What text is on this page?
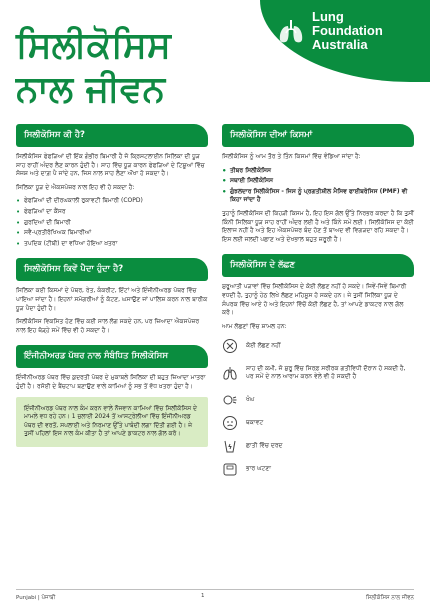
ਸਿਲੀਕੋਸਿਸ
ਨਾਲ ਜੀਵਨ
Lung
Foundation
Australia
ਸਿਲੀਕੋਸਿਸ ਕੀ ਹੈ?

ਸਿਲੀਕੋਸਿਸ ਫੇਫੜਿਆਂ ਦੀ ਇੱਕ ਗੰਭੀਰ ਬਿਮਾਰੀ ਹੈ ਜੋ ਕ੍ਰਿਸਟਲਾਈਨ ਸਿਲਿਕਾ ਦੀ ਧੂੜ ਸਾਹ ਰਾਹੀਂ ਅੰਦਰ ਲੈਣ ਕਾਰਨ ਹੁੰਦੀ ਹੈ। ਸਾਹ ਵਿੱਚ ਧੂੜ ਕਾਰਨ ਫੇਫੜਿਆਂ ਦੇ ਟਿਸ਼ੂਆਂ ਵਿੱਚ ਸੋਜਸ਼ ਅਤੇ ਦਾਗ਼ ਪੈ ਜਾਂਦੇ ਹਨ, ਜਿਸ ਨਾਲ ਸਾਹ ਲੈਣਾ ਔਖਾ ਹੋ ਸਕਦਾ ਹੈ।

ਸਿਲਿਕਾ ਧੂੜ ਦੇ ਐਕਸਪੋਜ਼ਰ ਨਾਲ ਇਹ ਵੀ ਹੋ ਸਕਦਾ ਹੈ:

• ਫੇਫੜਿਆਂ ਦੀ ਦੀਰਘਕਾਲੀ ਰੁਕਾਵਟੀ ਬਿਮਾਰੀ (COPD)
• ਫੇਫੜਿਆਂ ਦਾ ਕੈਂਸਰ
• ਗੁਰਦਿਆਂ ਦੀ ਬਿਮਾਰੀ
• ਸਵੈ-ਪ੍ਰਤੀਰੱਖਿਅਕ ਬਿਮਾਰੀਆਂ
• ਤਪਦਿਕ (ਟੀਬੀ) ਦਾ ਵਧਿਆ ਹੋਇਆ ਖ਼ਤਰਾ
ਸਿਲੀਕੋਸਿਸ ਕਿਵੇਂ ਪੈਦਾ ਹੁੰਦਾ ਹੈ?

ਸਿਲਿਕਾ ਕਈ ਕਿਸਮਾਂ ਦੇ ਪੱਥਰ, ਰੇਤ, ਕੰਕਰੀਟ, ਇੱਟਾਂ ਅਤੇ ਇੰਜੀਨੀਅਰਡ ਪੱਥਰ ਵਿੱਚ ਪਾਇਆ ਜਾਂਦਾ ਹੈ। ਇਹਨਾਂ ਸਮੱਗਰੀਆਂ ਨੂੰ ਕੱਟਣ, ਘਸਾਉਣ ਜਾਂ ਪਾਲਿਸ਼ ਕਰਨ ਨਾਲ ਬਾਰੀਕ ਧੂੜ ਪੈਦਾ ਹੁੰਦੀ ਹੈ।

ਸਿਲੀਕੋਸਿਸ ਵਿਕਸਿਤ ਹੋਣ ਵਿੱਚ ਕਈ ਸਾਲ ਲੱਗ ਸਕਦੇ ਹਨ, ਪਰ ਜ਼ਿਆਦਾ ਐਕਸਪੋਜ਼ਰ ਨਾਲ ਇਹ ਥੋੜ੍ਹੇ ਸਮੇਂ ਵਿੱਚ ਵੀ ਹੋ ਸਕਦਾ ਹੈ।

ਇੰਜੀਨੀਅਰਡ ਪੱਥਰ ਨਾਲ ਸੰਬੰਧਿਤ ਸਿਲੀਕੋਸਿਸ

ਇੰਜੀਨੀਅਰਡ ਪੱਥਰ ਵਿੱਚ ਕੁਦਰਤੀ ਪੱਥਰ ਦੇ ਮੁਕਾਬਲੇ ਸਿਲਿਕਾ ਦੀ ਬਹੁਤ ਜ਼ਿਆਦਾ ਮਾਤਰਾ ਹੁੰਦੀ ਹੈ। ਰਸੋਈ ਦੇ ਬੈਂਚਟਾਪ ਬਣਾਉਣ ਵਾਲੇ ਕਾਮਿਆਂ ਨੂੰ ਸਭ ਤੋਂ ਵੱਧ ਖ਼ਤਰਾ ਹੁੰਦਾ ਹੈ।

ਇੰਜੀਨੀਅਰਡ ਪੱਥਰ ਨਾਲ ਕੰਮ ਕਰਨ ਵਾਲੇ ਨੌਜਵਾਨ ਕਾਮਿਆਂ ਵਿੱਚ ਸਿਲੀਕੋਸਿਸ ਦੇ ਮਾਮਲੇ ਵਧ ਰਹੇ ਹਨ। 1 ਜੁਲਾਈ 2024 ਤੋਂ ਆਸਟ੍ਰੇਲੀਆ ਵਿੱਚ ਇੰਜੀਨੀਅਰਡ ਪੱਥਰ ਦੀ ਵਰਤੋਂ, ਸਪਲਾਈ ਅਤੇ ਨਿਰਮਾਣ ਉੱਤੇ ਪਾਬੰਦੀ ਲਗਾ ਦਿੱਤੀ ਗਈ ਹੈ। ਜੇ ਤੁਸੀਂ ਪਹਿਲਾਂ ਇਸ ਨਾਲ ਕੰਮ ਕੀਤਾ ਹੈ ਤਾਂ ਆਪਣੇ ਡਾਕਟਰ ਨਾਲ ਗੱਲ ਕਰੋ।

ਸਿਲੀਕੋਸਿਸ ਦੀਆਂ ਕਿਸਮਾਂ

ਸਿਲੀਕੋਸਿਸ ਨੂੰ ਆਮ ਤੌਰ ਤੇ ਤਿੰਨ ਕਿਸਮਾਂ ਵਿੱਚ ਵੰਡਿਆ ਜਾਂਦਾ ਹੈ:

• ਤੀਬਰ ਸਿਲੀਕੋਸਿਸ
• ਸਥਾਈ ਸਿਲੀਕੋਸਿਸ
• ਗੁੰਝਲਦਾਰ ਸਿਲੀਕੋਸਿਸ - ਜਿਸ ਨੂੰ ਪ੍ਰਗਤੀਸ਼ੀਲ ਮੈਸਿਵ ਫਾਈਬਰੋਸਿਸ (PMF) ਵੀ ਕਿਹਾ ਜਾਂਦਾ ਹੈ

ਤੁਹਾਨੂੰ ਸਿਲੀਕੋਸਿਸ ਦੀ ਕਿਹੜੀ ਕਿਸਮ ਹੈ, ਇਹ ਇਸ ਗੱਲ ਉੱਤੇ ਨਿਰਭਰ ਕਰਦਾ ਹੈ ਕਿ ਤੁਸੀਂ ਕਿੰਨੀ ਸਿਲਿਕਾ ਧੂੜ ਸਾਹ ਰਾਹੀਂ ਅੰਦਰ ਲਈ ਹੈ ਅਤੇ ਕਿੰਨੇ ਸਮੇਂ ਲਈ। ਸਿਲੀਕੋਸਿਸ ਦਾ ਕੋਈ ਇਲਾਜ ਨਹੀਂ ਹੈ ਅਤੇ ਇਹ ਐਕਸਪੋਜ਼ਰ ਬੰਦ ਹੋਣ ਤੋਂ ਬਾਅਦ ਵੀ ਵਿਗੜਦਾ ਰਹਿ ਸਕਦਾ ਹੈ। ਇਸ ਲਈ ਜਲਦੀ ਪਛਾਣ ਅਤੇ ਦੇਖਭਾਲ ਬਹੁਤ ਜ਼ਰੂਰੀ ਹੈ।

ਸਿਲੀਕੋਸਿਸ ਦੇ ਲੱਛਣ

ਸ਼ੁਰੂਆਤੀ ਪੜਾਵਾਂ ਵਿੱਚ ਸਿਲੀਕੋਸਿਸ ਦੇ ਕੋਈ ਲੱਛਣ ਨਹੀਂ ਹੋ ਸਕਦੇ। ਜਿਵੇਂ-ਜਿਵੇਂ ਬਿਮਾਰੀ ਵਧਦੀ ਹੈ, ਤੁਹਾਨੂੰ ਹੇਠ ਲਿਖੇ ਲੱਛਣ ਮਹਿਸੂਸ ਹੋ ਸਕਦੇ ਹਨ। ਜੇ ਤੁਸੀਂ ਸਿਲਿਕਾ ਧੂੜ ਦੇ ਸੰਪਰਕ ਵਿੱਚ ਆਏ ਹੋ ਅਤੇ ਇਹਨਾਂ ਵਿੱਚੋਂ ਕੋਈ ਲੱਛਣ ਹੈ, ਤਾਂ ਆਪਣੇ ਡਾਕਟਰ ਨਾਲ ਗੱਲ ਕਰੋ।

ਆਮ ਲੱਛਣਾਂ ਵਿੱਚ ਸ਼ਾਮਲ ਹਨ:

ਕੋਈ ਲੱਛਣ ਨਹੀਂ
ਸਾਹ ਦੀ ਕਮੀ, ਜੋ ਸ਼ੁਰੂ ਵਿੱਚ ਸਿਰਫ਼ ਸਰੀਰਕ ਗਤੀਵਿਧੀ ਦੌਰਾਨ ਹੋ ਸਕਦੀ ਹੈ, ਪਰ ਸਮੇਂ ਦੇ ਨਾਲ ਆਰਾਮ ਕਰਨ ਵੇਲੇ ਵੀ ਹੋ ਸਕਦੀ ਹੈ
ਖੰਘ
ਥਕਾਵਟ
ਛਾਤੀ ਵਿੱਚ ਦਰਦ
ਭਾਰ ਘਟਣਾ
Punjabi | ਪੰਜਾਬੀ	1	ਸਿਲੀਕੋਸਿਸ ਨਾਲ ਜੀਵਨ
